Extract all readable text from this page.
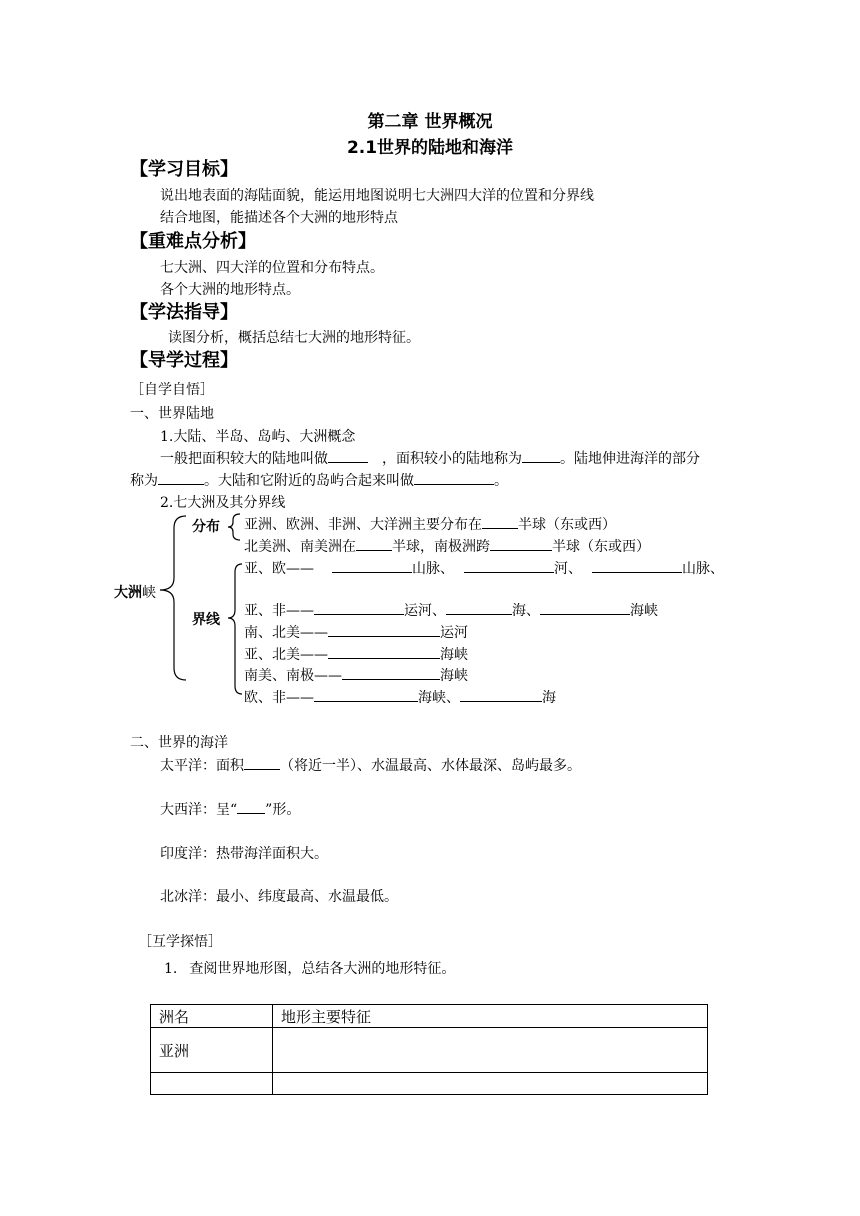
第二章 世界概况
2.1世界的陆地和海洋
【学习目标】
说出地表面的海陆面貌，能运用地图说明七大洲四大洋的位置和分界线
结合地图，能描述各个大洲的地形特点
【重难点分析】
七大洲、四大洋的位置和分布特点。
各个大洲的地形特点。
【学法指导】
读图分析，概括总结七大洲的地形特征。
【导学过程】
［自学自悟］
一、世界陆地
1.大陆、半岛、岛屿、大洲概念
一般把面积较大的陆地叫做	，面积较小的陆地称为	。陆地伸进海洋的部分
称为	。大陆和它附近的岛屿合起来叫做	。
2.七大洲及其分界线
大洲峡
分布
界线
亚洲、欧洲、非洲、大洋洲主要分布在	半球（东或西）
北美洲、南美洲在	半球，南极洲跨	半球（东或西）
亚、欧——	山脉、	河、	山脉、
亚、非——	运河、	海、	海峡
南、北美——	运河
亚、北美——	海峡
南美、南极——	海峡
欧、非——	海峡、	海
二、世界的海洋
太平洋：面积	（将近一半）、水温最高、水体最深、岛屿最多。
大西洋：呈“ ”形。
印度洋：热带海洋面积大。
北冰洋：最小、纬度最高、水温最低。
［互学探悟］
1. 查阅世界地形图，总结各大洲的地形特征。
洲名	地形主要特征
亚洲	
